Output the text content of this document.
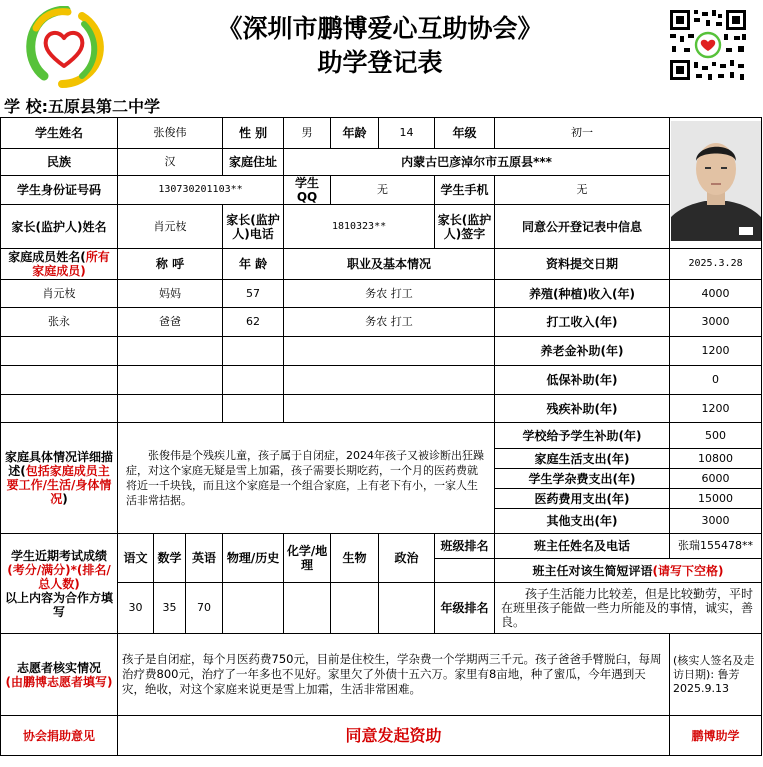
《深圳市鹏博爱心互助协会》
助学登记表
学 校:五原县第二中学
学生姓名	张俊伟			性 别	男	年龄	14	年级	初一	
民族	汉			家庭住址	内蒙古巴彦淖尔市五原县***					
学生身份证号码	130730201103**				学生QQ	无		学生手机	无	
家长(监护人)姓名	肖元枝			家长(监护人)电话	1810323**			家长(监护人)签字	同意公开登记表中信息	
家庭成员姓名(所有家庭成员)	称 呼			年 龄	职业及基本情况				资料提交日期	2025.3.28
肖元枝	妈妈			57	务农 打工				养殖(种植)收入(年)	4000
张永	爸爸			62	务农 打工				打工收入(年)	3000
									养老金补助(年)	1200
									低保补助(年)	0
									残疾补助(年)	1200
家庭具体情况详细描述(包括家庭成员主要工作/生活/身体情况)	张俊伟是个残疾儿童，孩子属于自闭症，2024年孩子又被诊断出狂躁症，对这个家庭无疑是雪上加霜，孩子需要长期吃药，一个月的医药费就将近一千块钱，而且这个家庭是一个组合家庭，上有老下有小，一家人生活非常拮据。								学校给予学生补助(年)	500
									家庭生活支出(年)	10800
									学生学杂费支出(年)	6000
									医药费用支出(年)	15000
									其他支出(年)	3000

学生近期考试成绩
(考分/满分)*(排名/总人数)
以上内容为合作方填写	语文	数学	英语	物理/历史	化学/地理	生物	政治	班级排名	班主任姓名及电话	张瑞155478**
									班主任对该生简短评语(请写下空格)	
	30	35	70					年级排名	孩子生活能力比较差，但是比较勤劳，平时在班里孩子能做一些力所能及的事情，诚实，善良。	

志愿者核实情况
(由鹏博志愿者填写)	孩子是自闭症，每个月医药费750元，目前是住校生，学杂费一个学期两三千元。孩子爸爸手臂脱臼，每周治疗费800元，治疗了一年多也不见好。家里欠了外债十五六万。家里有8亩地，种了蜜瓜，今年遇到天灾，绝收，对这个家庭来说更是雪上加霜，生活非常困难。									(核实人签名及走访日期): 鲁芳 2025.9.13
协会捐助意见	同意发起资助									鹏博助学
